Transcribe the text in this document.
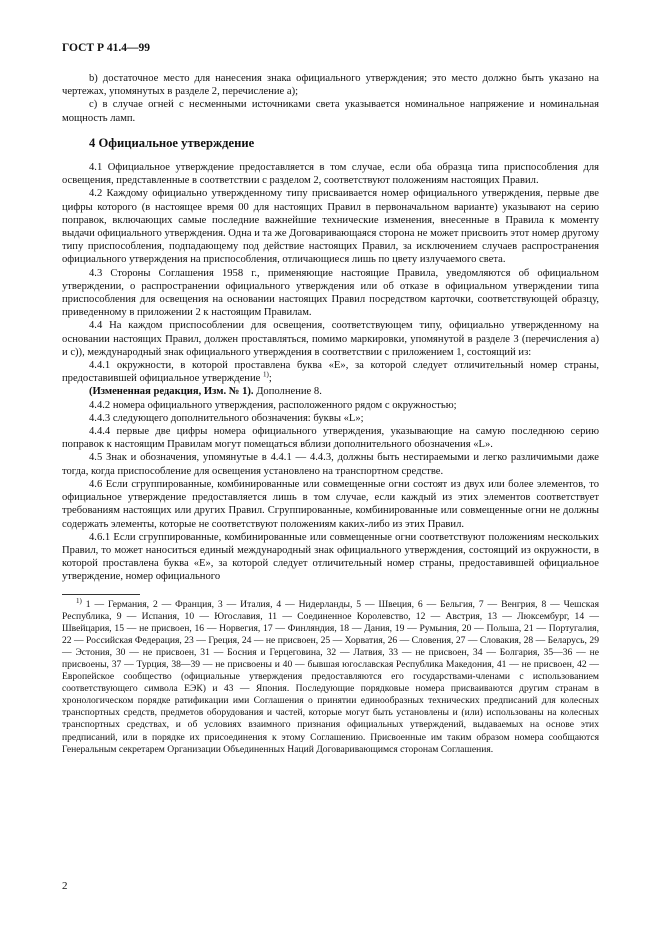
ГОСТ Р 41.4—99

b) достаточное место для нанесения знака официального утверждения; это место должно быть указано на чертежах, упомянутых в разделе 2, перечисление а);

c) в случае огней с несменными источниками света указывается номинальное напряжение и номинальная мощность ламп.

4 Официальное утверждение

4.1 Официальное утверждение предоставляется в том случае, если оба образца типа приспособления для освещения, представленные в соответствии с разделом 2, соответствуют положениям настоящих Правил.

4.2 Каждому официально утвержденному типу присваивается номер официального утверждения, первые две цифры которого (в настоящее время 00 для настоящих Правил в первоначальном варианте) указывают на серию поправок, включающих самые последние важнейшие технические изменения, внесенные в Правила к моменту выдачи официального утверждения. Одна и та же Договаривающаяся сторона не может присвоить этот номер другому типу приспособления, подпадающему под действие настоящих Правил, за исключением случаев распространения официального утверждения на приспособления, отличающиеся лишь по цвету излучаемого света.

4.3 Стороны Соглашения 1958 г., применяющие настоящие Правила, уведомляются об официальном утверждении, о распространении официального утверждения или об отказе в официальном утверждении типа приспособления для освещения на основании настоящих Правил посредством карточки, соответствующей образцу, приведенному в приложении 2 к настоящим Правилам.

4.4 На каждом приспособлении для освещения, соответствующем типу, официально утвержденному на основании настоящих Правил, должен проставляться, помимо маркировки, упомянутой в разделе 3 (перечисления а) и с)), международный знак официального утверждения в соответствии с приложением 1, состоящий из:

4.4.1 окружности, в которой проставлена буква «Е», за которой следует отличительный номер страны, предоставившей официальное утверждение $^{1)}$;

(Измененная редакция, Изм. № 1). Дополнение 8.

4.4.2 номера официального утверждения, расположенного рядом с окружностью;

4.4.3 следующего дополнительного обозначения: буквы «L»;

4.4.4 первые две цифры номера официального утверждения, указывающие на самую последнюю серию поправок к настоящим Правилам могут помещаться вблизи дополнительного обозначения «L».

4.5 Знак и обозначения, упомянутые в 4.4.1 — 4.4.3, должны быть нестираемыми и легко различимыми даже тогда, когда приспособление для освещения установлено на транспортном средстве.

4.6 Если сгруппированные, комбинированные или совмещенные огни состоят из двух или более элементов, то официальное утверждение предоставляется лишь в том случае, если каждый из этих элементов соответствует требованиям настоящих или других Правил. Сгруппированные, комбинированные или совмещенные огни не должны содержать элементы, которые не соответствуют положениям каких-либо из этих Правил.

4.6.1 Если сгруппированные, комбинированные или совмещенные огни соответствуют положениям нескольких Правил, то может наноситься единый международный знак официального утверждения, состоящий из окружности, в которой проставлена буква «Е», за которой следует отличительный номер страны, предоставившей официальное утверждение, номер официального

$^{1)}$ 1 — Германия, 2 — Франция, 3 — Италия, 4 — Нидерланды, 5 — Швеция, 6 — Бельгия, 7 — Венгрия, 8 — Чешская Республика, 9 — Испания, 10 — Югославия, 11 — Соединенное Королевство, 12 — Австрия, 13 — Люксембург, 14 — Швейцария, 15 — не присвоен, 16 — Норвегия, 17 — Финляндия, 18 — Дания, 19 — Румыния, 20 — Польша, 21 — Португалия, 22 — Российская Федерация, 23 — Греция, 24 — не присвоен, 25 — Хорватия, 26 — Словения, 27 — Словакия, 28 — Беларусь, 29 — Эстония, 30 — не присвоен, 31 — Босния и Герцеговина, 32 — Латвия, 33 — не присвоен, 34 — Болгария, 35—36 — не присвоены, 37 — Турция, 38—39 — не присвоены и 40 — бывшая югославская Республика Македония, 41 — не присвоен, 42 — Европейское сообщество (официальные утверждения предоставляются его государствами-членами с использованием соответствующего символа ЕЭК) и 43 — Япония. Последующие порядковые номера присваиваются другим странам в хронологическом порядке ратификации ими Соглашения о принятии единообразных технических предписаний для колесных транспортных средств, предметов оборудования и частей, которые могут быть установлены и (или) использованы на колесных транспортных средствах, и об условиях взаимного признания официальных утверждений, выдаваемых на основе этих предписаний, или в порядке их присоединения к этому Соглашению. Присвоенные им таким образом номера сообщаются Генеральным секретарем Организации Объединенных Наций Договаривающимся сторонам Соглашения.

2
